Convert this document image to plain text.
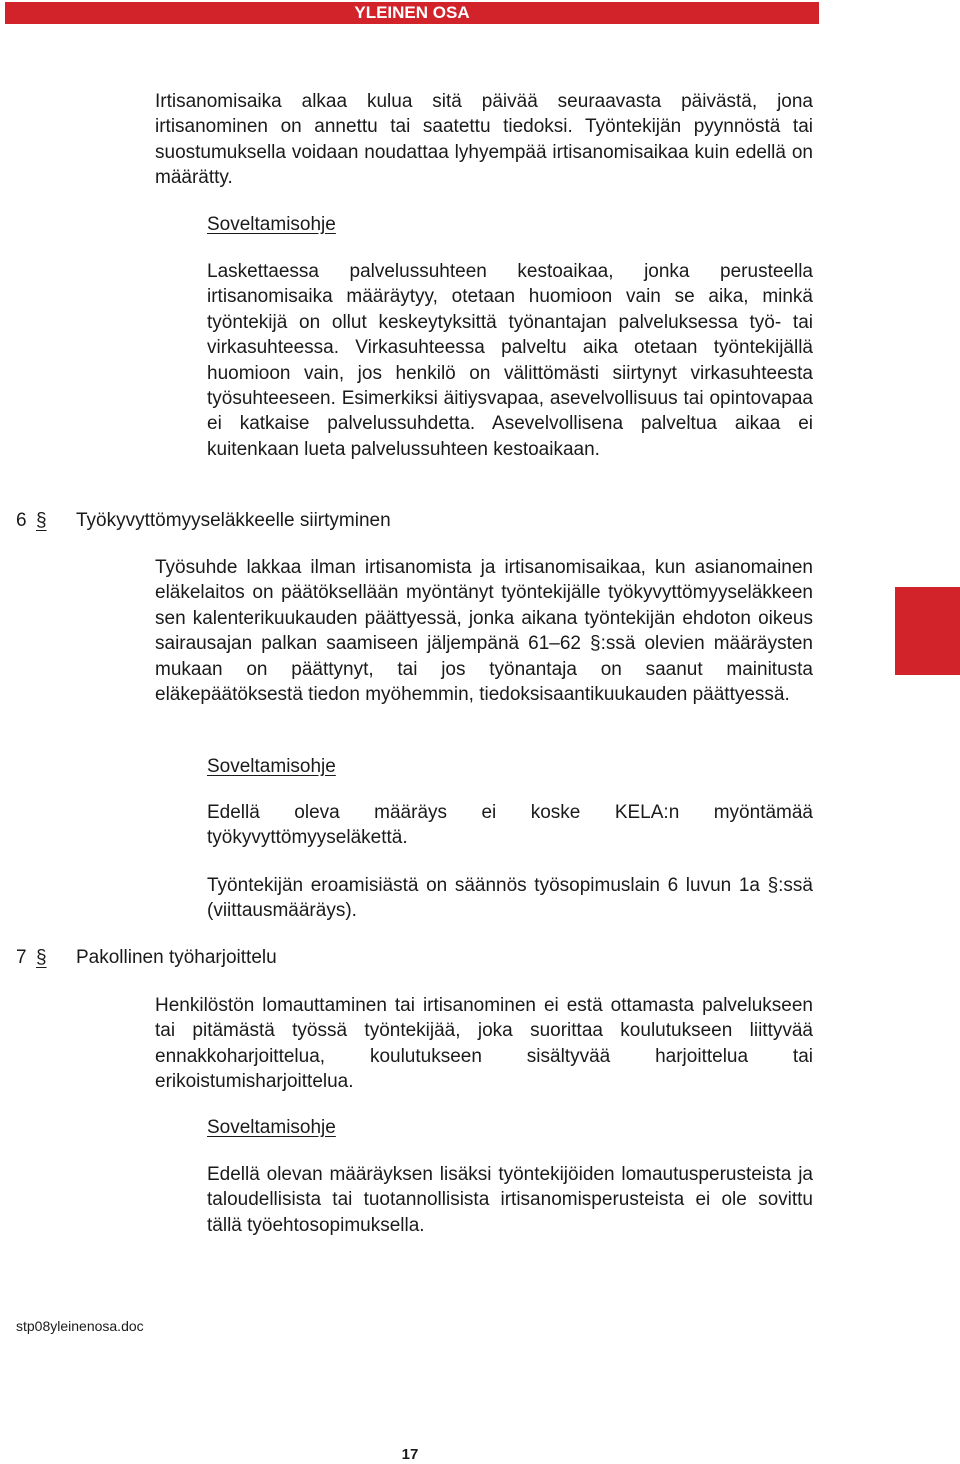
YLEINEN OSA

Irtisanomisaika alkaa kulua sitä päivää seuraavasta päivästä, jona irtisanominen on annettu tai saatettu tiedoksi. Työntekijän pyynnöstä tai suostumuksella voidaan noudattaa lyhyempää irtisanomisaikaa kuin edellä on määrätty.

Soveltamisohje

Laskettaessa palvelussuhteen kestoaikaa, jonka perusteella irtisanomisaika määräytyy, otetaan huomioon vain se aika, minkä työntekijä on ollut keskeytyksittä työnantajan palveluksessa työ- tai virkasuhteessa. Virkasuhteessa palveltu aika otetaan työntekijällä huomioon vain, jos henkilö on välittömästi siirtynyt virkasuhteesta työsuhteeseen. Esimerkiksi äitiysvapaa, asevelvollisuus tai opintovapaa ei katkaise palvelussuhdetta. Asevelvollisena palveltua aikaa ei kuitenkaan lueta palvelussuhteen kestoaikaan.

6 § Työkyvyttömyyseläkkeelle siirtyminen

Työsuhde lakkaa ilman irtisanomista ja irtisanomisaikaa, kun asianomainen eläkelaitos on päätöksellään myöntänyt työntekijälle työkyvyttömyyseläkkeen sen kalenterikuukauden päättyessä, jonka aikana työntekijän ehdoton oikeus sairausajan palkan saamiseen jäljempänä 61–62 §:ssä olevien määräysten mukaan on päättynyt, tai jos työnantaja on saanut mainitusta eläkepäätöksestä tiedon myöhemmin, tiedoksisaantikuukauden päättyessä.

Soveltamisohje

Edellä oleva määräys ei koske KELA:n myöntämää työkyvyttömyyseläkettä.

Työntekijän eroamisiästä on säännös työsopimuslain 6 luvun 1a §:ssä (viittausmääräys).

7 § Pakollinen työharjoittelu

Henkilöstön lomauttaminen tai irtisanominen ei estä ottamasta palvelukseen tai pitämästä työssä työntekijää, joka suorittaa koulutukseen liittyvää ennakkoharjoittelua, koulutukseen sisältyvää harjoittelua tai erikoistumisharjoittelua.

Soveltamisohje

Edellä olevan määräyksen lisäksi työntekijöiden lomautusperusteista ja taloudellisista tai tuotannollisista irtisanomisperusteista ei ole sovittu tällä työehtosopimuksella.

stp08yleinenosa.doc
17
